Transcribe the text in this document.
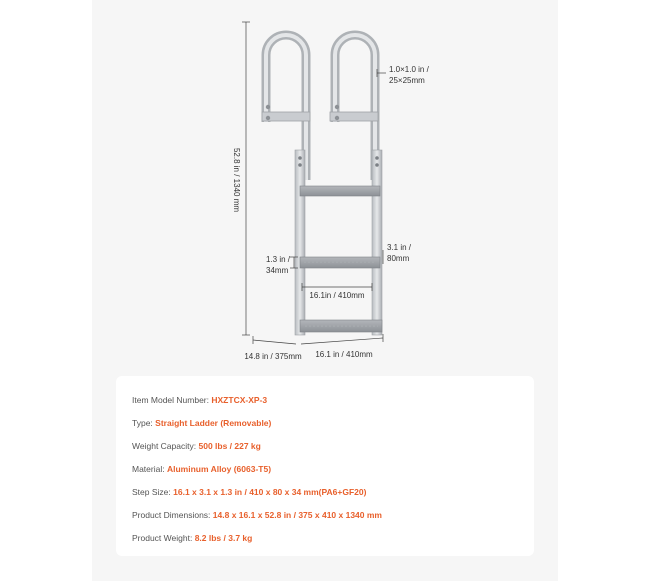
52.8 in / 1340 mm
1.0×1.0 in /
25×25mm
1.3 in /
34mm
3.1 in /
80mm
16.1in / 410mm
14.8 in / 375mm 16.1 in / 410mm
Item Model Number: HXZTCX-XP-3
Type: Straight Ladder (Removable)
Weight Capacity: 500 lbs / 227 kg
Material: Aluminum Alloy (6063-T5)
Step Size: 16.1 x 3.1 x 1.3 in / 410 x 80 x 34 mm(PA6+GF20)
Product Dimensions: 14.8 x 16.1 x 52.8 in / 375 x 410 x 1340 mm
Product Weight: 8.2 lbs / 3.7 kg
